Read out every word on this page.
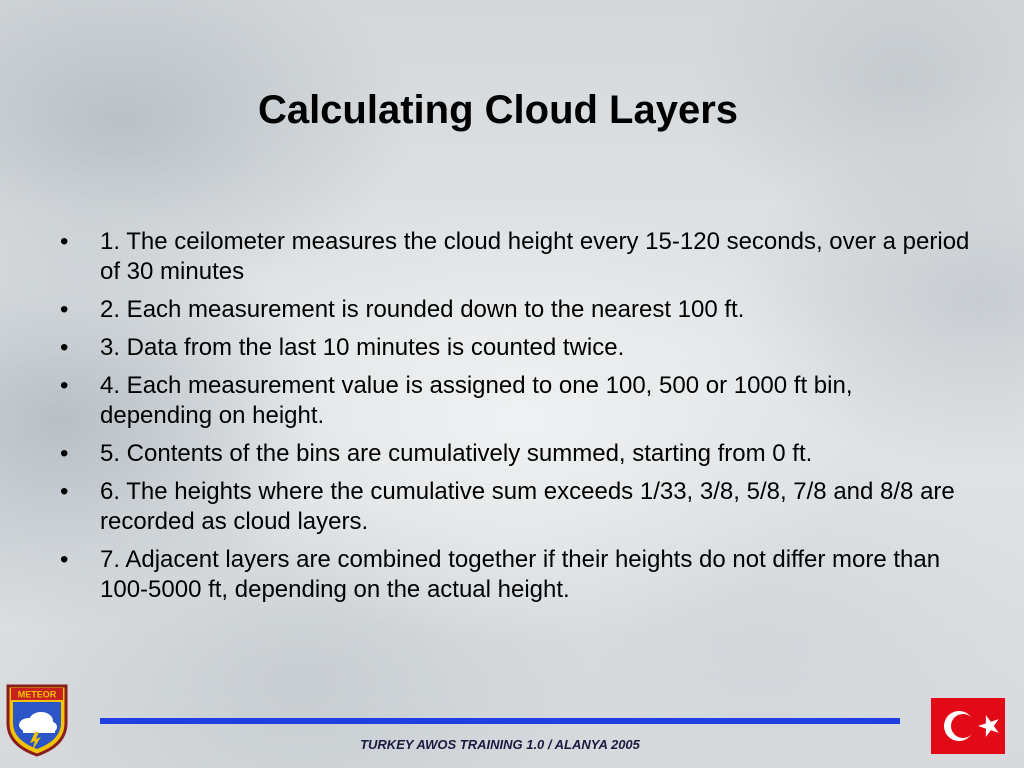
Calculating Cloud Layers
•	1. The ceilometer measures the cloud height every 15-120 seconds, over a period of 30 minutes
•	2. Each measurement is rounded down to the nearest 100 ft.
•	3. Data from the last 10 minutes is counted twice.
•	4. Each measurement value is assigned to one 100, 500 or 1000 ft bin, depending on height.
•	5. Contents of the bins are cumulatively summed, starting from 0 ft.
•	6. The heights where the cumulative sum exceeds 1/33, 3/8, 5/8, 7/8 and 8/8 are recorded as cloud layers.
•	7. Adjacent layers are combined together if their heights do not differ more than 100-5000 ft, depending on the actual height.
METEOR
TURKEY AWOS TRAINING 1.0 / ALANYA 2005
